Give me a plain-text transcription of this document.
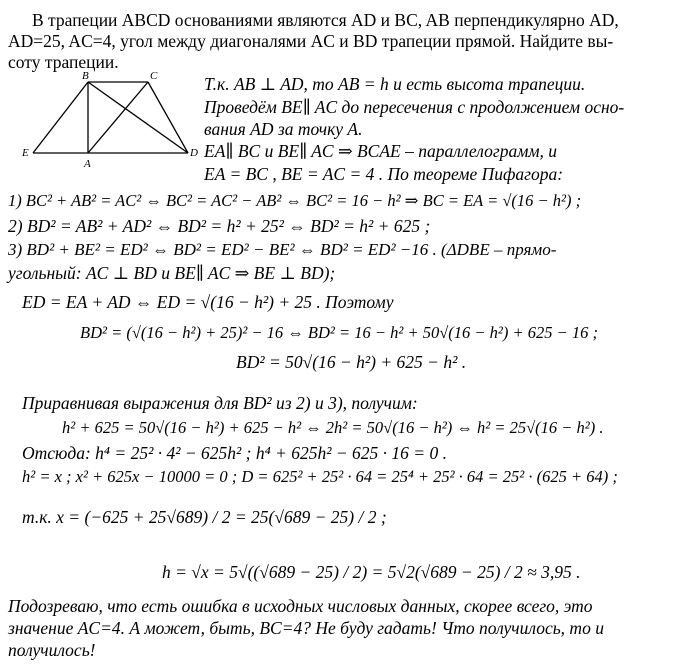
В трапеции ABCD основаниями являются AD и BC, AB перпендикулярно AD,
AD=25, AC=4, угол между диагоналями AC и BD трапеции прямой. Найдите вы-
соту трапеции.
B	C
E
A
D
Т.к. AB ⊥ AD, то AB = h и есть высота трапеции.
Проведём BE∥ AC до пересечения с продолжением осно-
вания AD за точку A.
EA∥ BC и BE∥ AC ⇒ BCAE – параллелограмм, и
EA = BC , BE = AC = 4 . По теореме Пифагора:
1) BC² + AB² = AC² ⇔ BC² = AC² − AB² ⇔ BC² = 16 − h² ⇒ BC = EA = √(16 − h²) ;
2) BD² = AB² + AD² ⇔ BD² = h² + 25² ⇔ BD² = h² + 625 ;
3) BD² + BE² = ED² ⇔ BD² = ED² − BE² ⇔ BD² = ED² −16 . (ΔDBE – прямо-
угольный: AC ⊥ BD и BE∥ AC ⇒ BE ⊥ BD);
ED = EA + AD ⇔ ED = √(16 − h²) + 25 . Поэтому
BD² = (√(16 − h²) + 25)² − 16 ⇔ BD² = 16 − h² + 50√(16 − h²) + 625 − 16 ;
BD² = 50√(16 − h²) + 625 − h² .
Приравнивая выражения для BD² из 2) и 3), получим:
h² + 625 = 50√(16 − h²) + 625 − h² ⇔ 2h² = 50√(16 − h²) ⇔ h² = 25√(16 − h²) .
Отсюда: h⁴ = 25² · 4² − 625h² ; h⁴ + 625h² − 625 · 16 = 0 .
h² = x ; x² + 625x − 10000 = 0 ; D = 625² + 25² · 64 = 25⁴ + 25² · 64 = 25² · (625 + 64) ;
т.к. x = (−625 + 25√689) / 2 = 25(√689 − 25) / 2 ;
h = √x = 5√((√689 − 25) / 2) = 5√2(√689 − 25) / 2 ≈ 3,95 .
Подозреваю, что есть ошибка в исходных числовых данных, скорее всего, это
значение AC=4. А может, быть, BC=4? Не буду гадать! Что получилось, то и
получилось!
